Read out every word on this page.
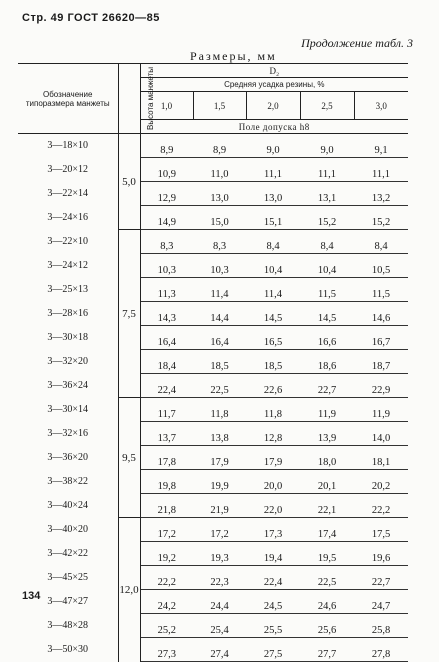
Стр. 49 ГОСТ 26620—85
Продолжение табл. 3
Размеры, мм
Обозначение типоразмера манжеты	Высота манжеты	D₂				
		Средняя усадка резины, %				
		1,0	1,5	2,0	2,5	3,0
		Поле допуска h8				
3—18×10	5,0	8,9	8,9	9,0	9,0	9,1
3—20×12		10,9	11,0	11,1	11,1	11,1
3—22×14		12,9	13,0	13,0	13,1	13,2
3—24×16		14,9	15,0	15,1	15,2	15,2
3—22×10	7,5	8,3	8,3	8,4	8,4	8,4
3—24×12		10,3	10,3	10,4	10,4	10,5
3—25×13		11,3	11,4	11,4	11,5	11,5
3—28×16		14,3	14,4	14,5	14,5	14,6
3—30×18		16,4	16,4	16,5	16,6	16,7
3—32×20		18,4	18,5	18,5	18,6	18,7
3—36×24		22,4	22,5	22,6	22,7	22,9
3—30×14	9,5	11,7	11,8	11,8	11,9	11,9
3—32×16		13,7	13,8	12,8	13,9	14,0
3—36×20		17,8	17,9	17,9	18,0	18,1
3—38×22		19,8	19,9	20,0	20,1	20,2
3—40×24		21,8	21,9	22,0	22,1	22,2
3—40×20	12,0	17,2	17,2	17,3	17,4	17,5
3—42×22		19,2	19,3	19,4	19,5	19,6
3—45×25		22,2	22,3	22,4	22,5	22,7
3—47×27		24,2	24,4	24,5	24,6	24,7
3—48×28		25,2	25,4	25,5	25,6	25,8
3—50×30		27,3	27,4	27,5	27,7	27,8
134
